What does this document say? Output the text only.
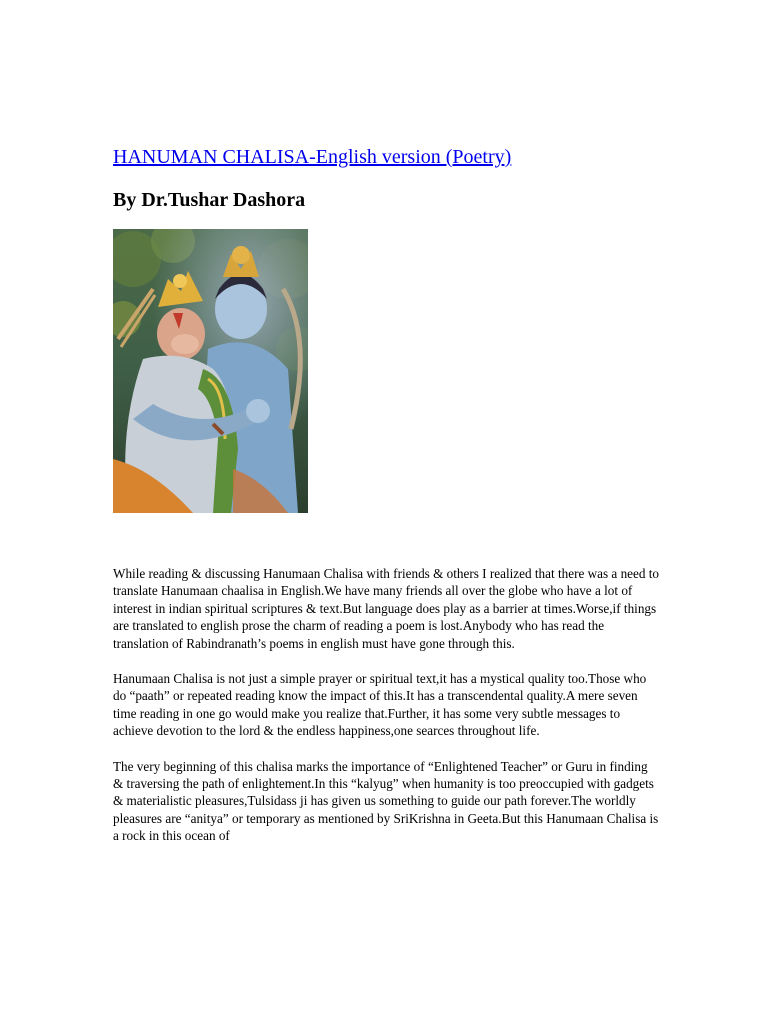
HANUMAN CHALISA-English version (Poetry)
By Dr.Tushar Dashora

While reading & discussing Hanumaan Chalisa with friends & others I realized that there was a need to translate Hanumaan chaalisa in English.We have many friends all over the globe who have a lot of interest in indian spiritual scriptures & text.But language does play as a barrier at times.Worse,if things are translated to english prose the charm of reading a poem is lost.Anybody who has read the translation of Rabindranath’s poems in english must have gone through this.

Hanumaan Chalisa is not just a simple prayer or spiritual text,it has a mystical quality too.Those who do “paath” or repeated reading know the impact of this.It has a transcendental quality.A mere seven time reading in one go would make you realize that.Further, it has some very subtle messages to achieve devotion to the lord & the endless happiness,one searces throughout life.

The very beginning of this chalisa marks the importance of “Enlightened Teacher” or Guru in finding & traversing the path of enlightement.In this “kalyug” when humanity is too preoccupied with gadgets & materialistic pleasures,Tulsidass ji has given us something to guide our path forever.The worldly pleasures are “anitya” or temporary as mentioned by SriKrishna in Geeta.But this Hanumaan Chalisa is a rock in this ocean of
